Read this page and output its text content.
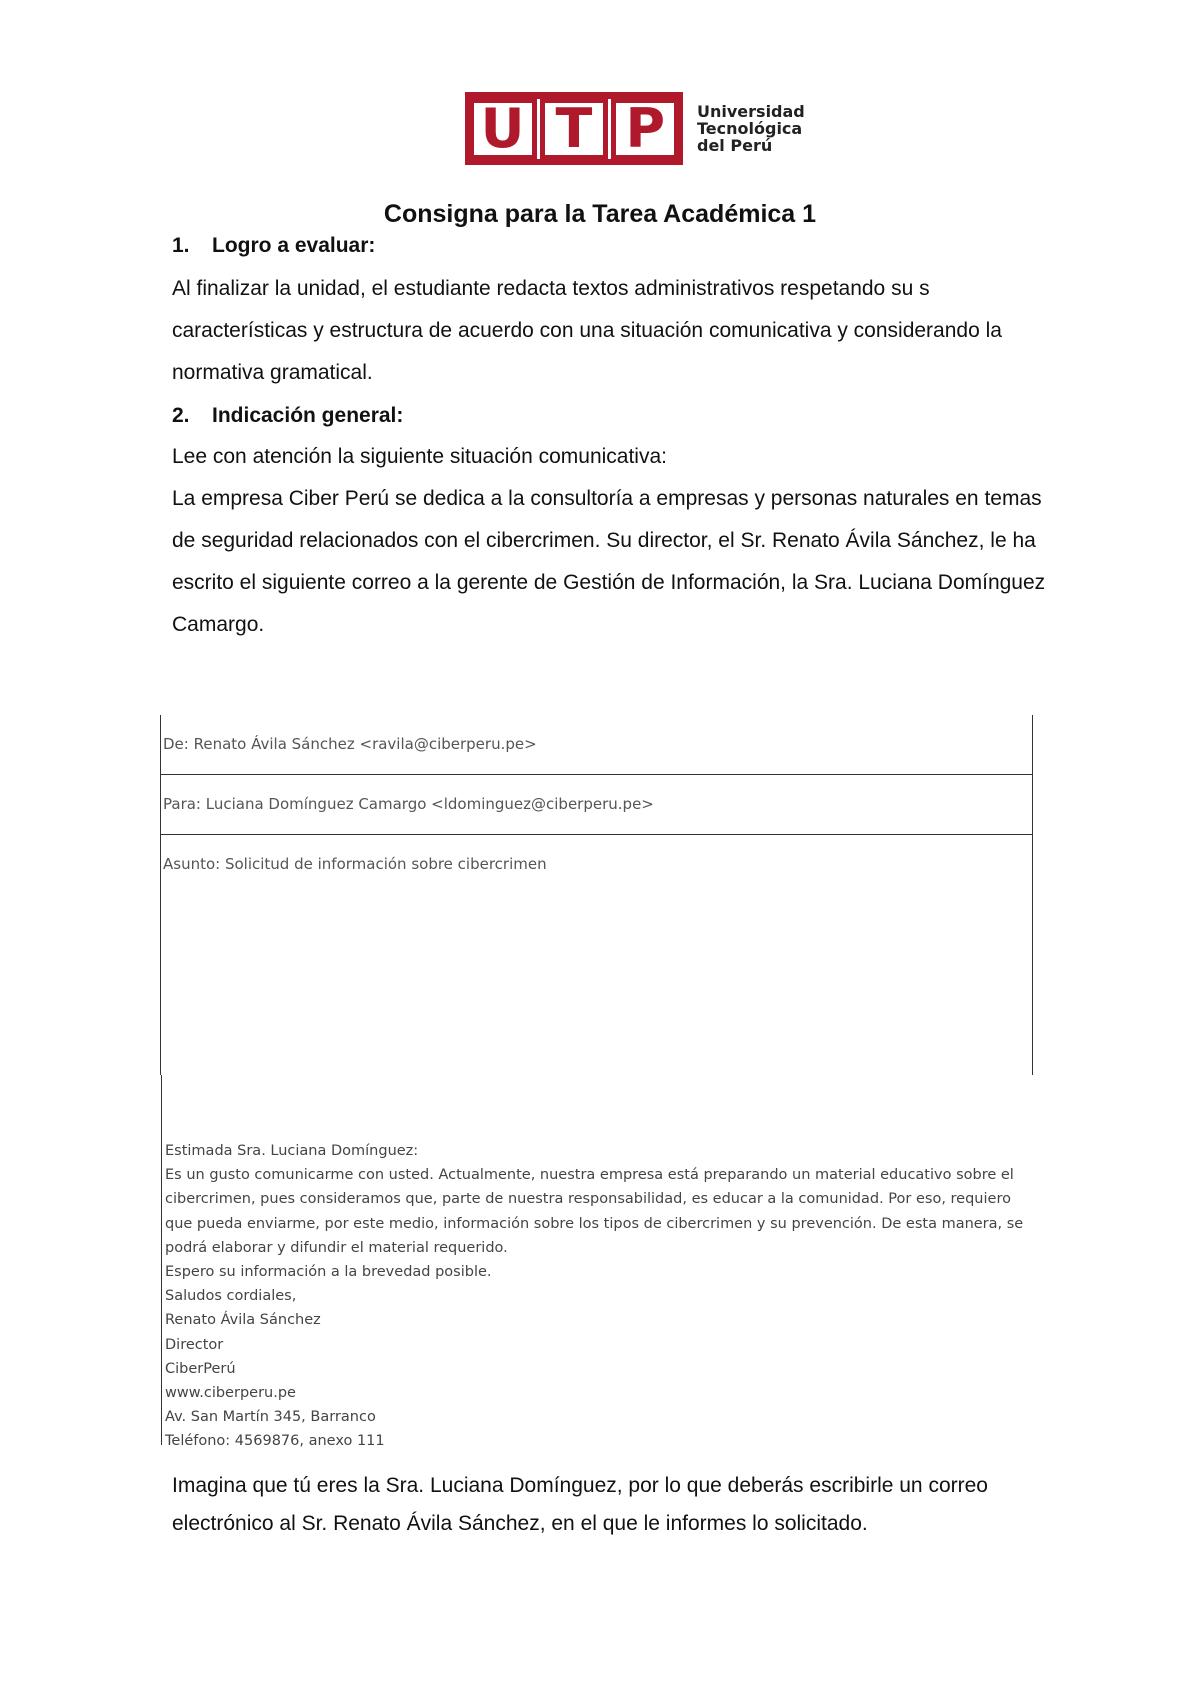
U T P	Universidad
Tecnológica
del Perú
Consigna para la Tarea Académica 1
1. Logro a evaluar:

Al finalizar la unidad, el estudiante redacta textos administrativos respetando su s características y estructura de acuerdo con una situación comunicativa y considerando la normativa gramatical.

2. Indicación general:

Lee con atención la siguiente situación comunicativa:

La empresa Ciber Perú se dedica a la consultoría a empresas y personas naturales en temas de seguridad relacionados con el cibercrimen. Su director, el Sr. Renato Ávila Sánchez, le ha escrito el siguiente correo a la gerente de Gestión de Información, la Sra. Luciana Domínguez Camargo.

De: Renato Ávila Sánchez <ravila@ciberperu.pe>
Para: Luciana Domínguez Camargo <ldominguez@ciberperu.pe>
Asunto: Solicitud de información sobre cibercrimen
Estimada Sra. Luciana Domínguez:
Es un gusto comunicarme con usted. Actualmente, nuestra empresa está preparando un material educativo sobre el cibercrimen, pues consideramos que, parte de nuestra responsabilidad, es educar a la comunidad. Por eso, requiero que pueda enviarme, por este medio, información sobre los tipos de cibercrimen y su prevención. De esta manera, se podrá elaborar y difundir el material requerido.
Espero su información a la brevedad posible.
Saludos cordiales,
Renato Ávila Sánchez
Director
CiberPerú
www.ciberperu.pe
Av. San Martín 345, Barranco
Teléfono: 4569876, anexo 111

Imagina que tú eres la Sra. Luciana Domínguez, por lo que deberás escribirle un correo electrónico al Sr. Renato Ávila Sánchez, en el que le informes lo solicitado.
